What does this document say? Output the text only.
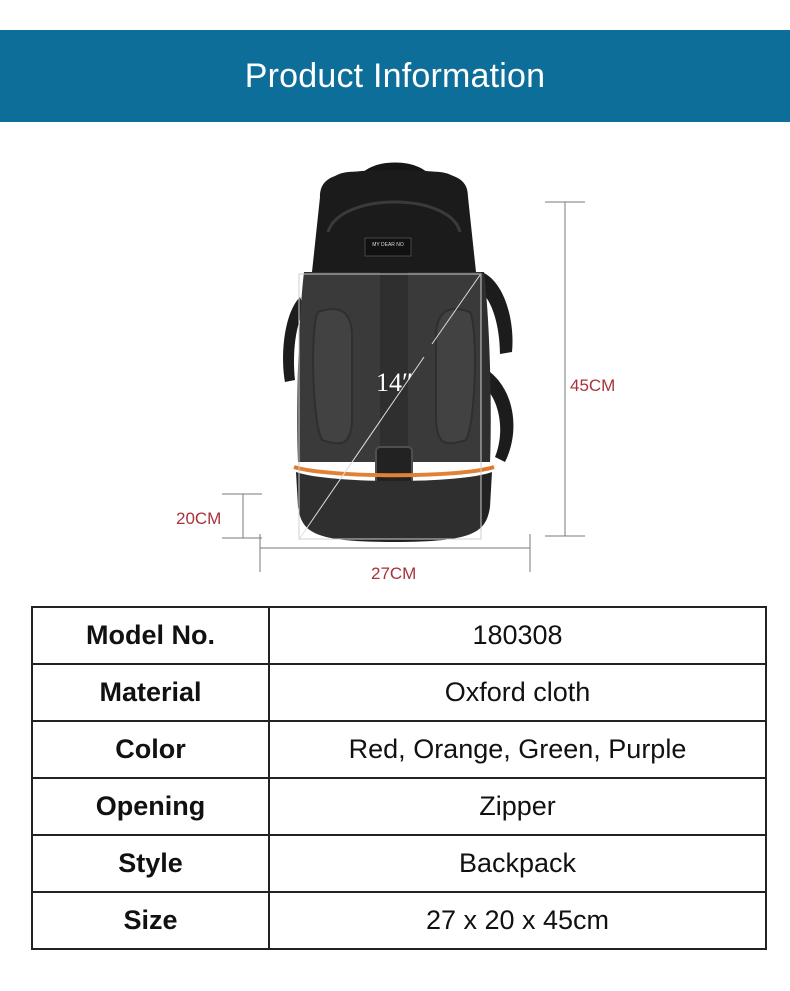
Product Information
MY DEAR NO
14″	45CM
20CM
27CM
Model No.	180308
Material	Oxford cloth
Color	Red, Orange, Green, Purple
Opening	Zipper
Style	Backpack
Size	27 x 20 x 45cm
